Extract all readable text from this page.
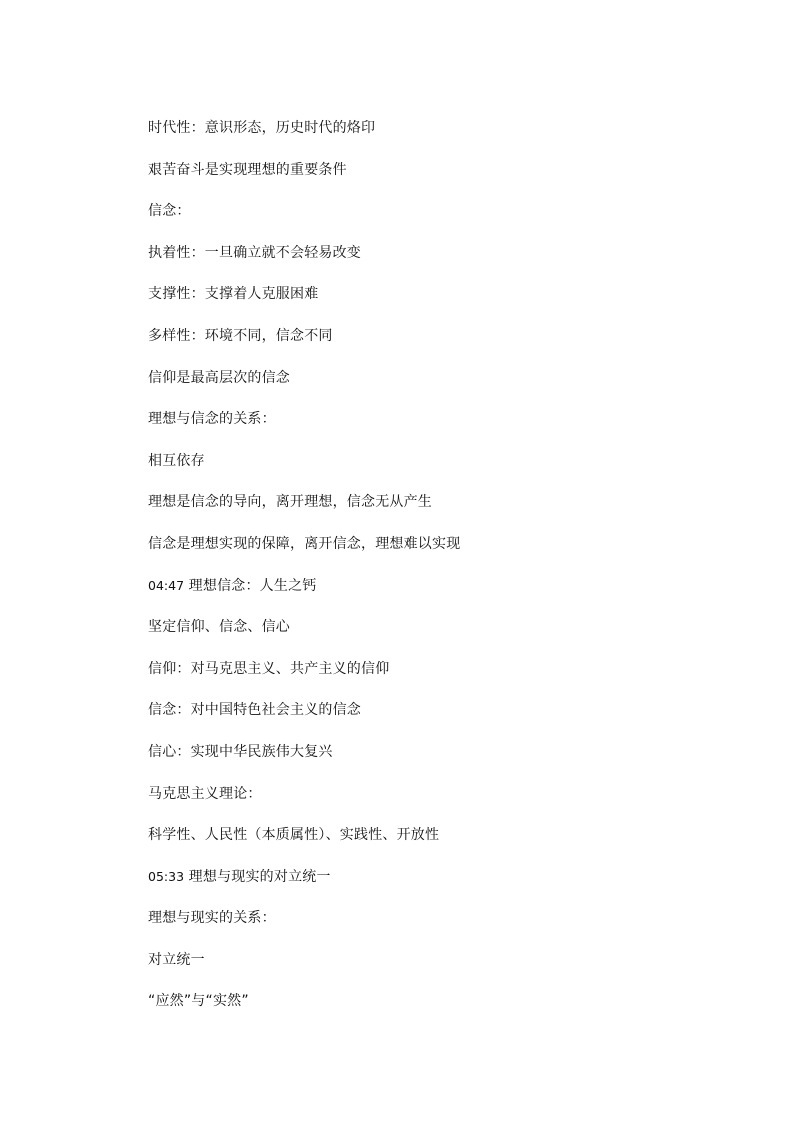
时代性：意识形态，历史时代的烙印
艰苦奋斗是实现理想的重要条件
信念：
执着性：一旦确立就不会轻易改变
支撑性：支撑着人克服困难
多样性：环境不同，信念不同
信仰是最高层次的信念
理想与信念的关系：
相互依存
理想是信念的导向，离开理想，信念无从产生
信念是理想实现的保障，离开信念，理想难以实现
04:47 理想信念：人生之钙
坚定信仰、信念、信心
信仰：对马克思主义、共产主义的信仰
信念：对中国特色社会主义的信念
信心：实现中华民族伟大复兴
马克思主义理论：
科学性、人民性（本质属性）、实践性、开放性
05:33 理想与现实的对立统一
理想与现实的关系：
对立统一
“应然”与“实然”
